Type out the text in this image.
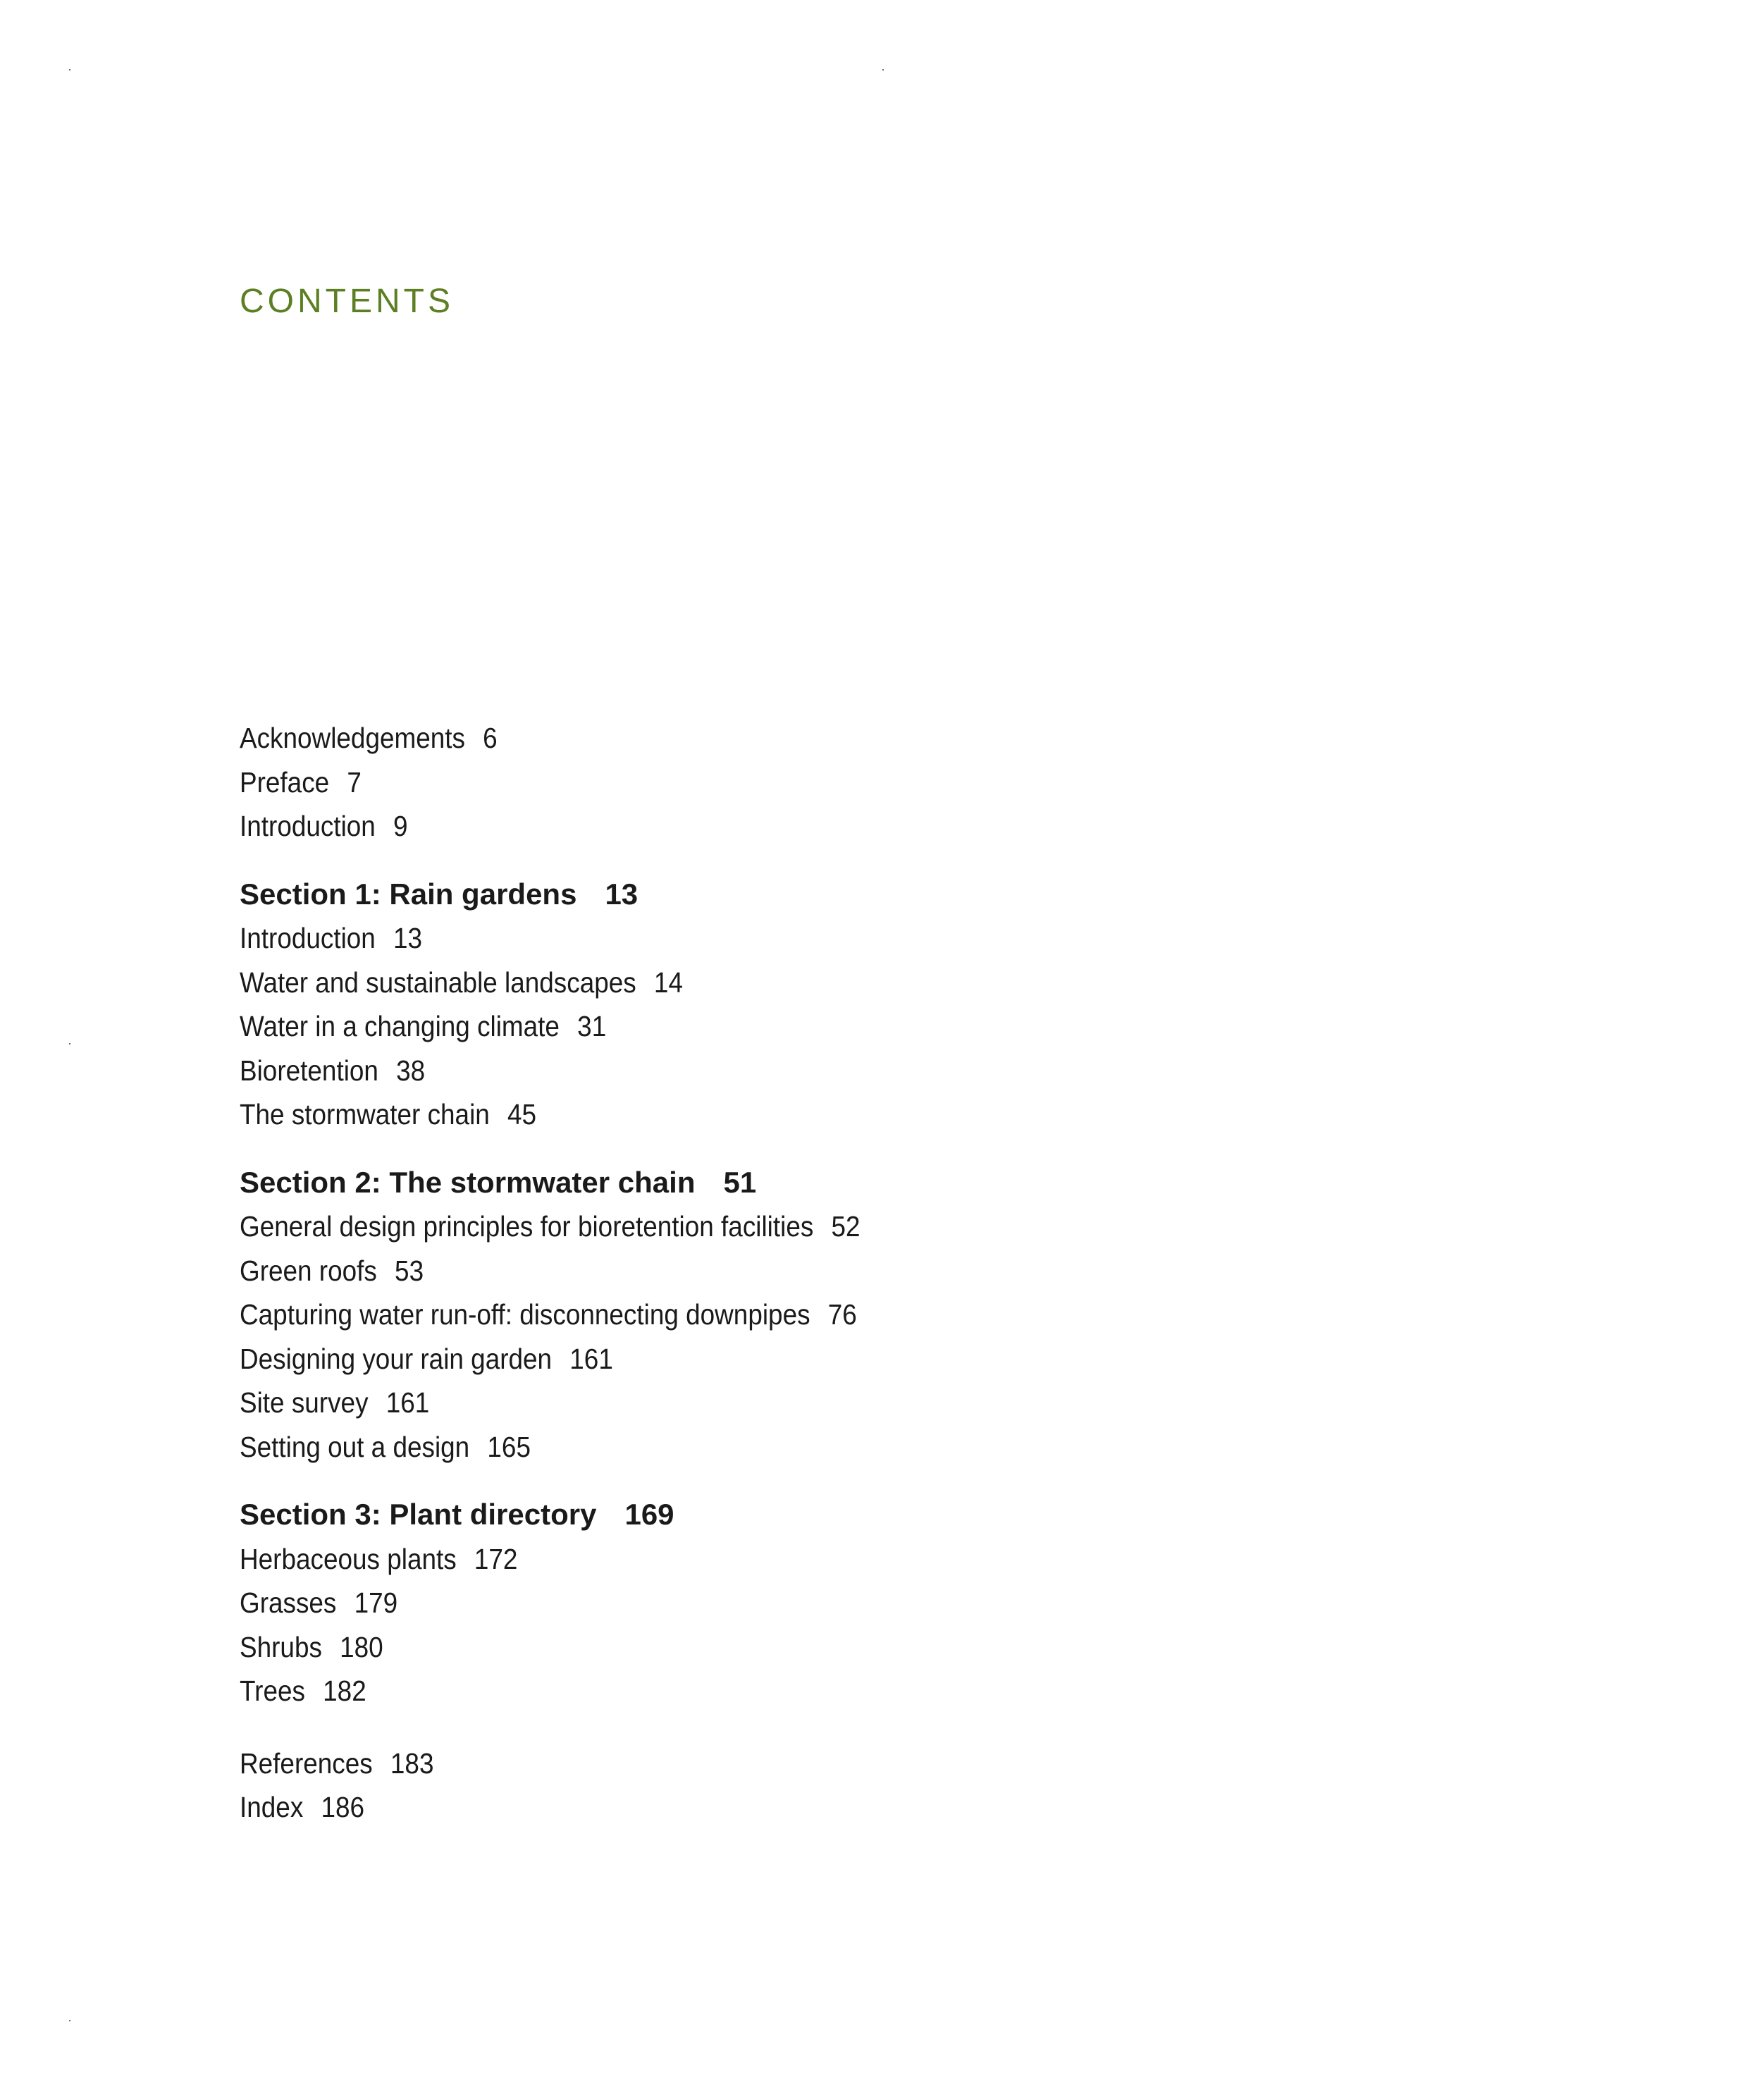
CONTENTS
Acknowledgements 6
Preface 7
Introduction 9
Section 1: Rain gardens 13
Introduction 13
Water and sustainable landscapes 14
Water in a changing climate 31
Bioretention 38
The stormwater chain 45
Section 2: The stormwater chain 51
General design principles for bioretention facilities 52
Green roofs 53
Capturing water run-off: disconnecting downpipes 76
Designing your rain garden 161
Site survey 161
Setting out a design 165
Section 3: Plant directory 169
Herbaceous plants 172
Grasses 179
Shrubs 180
Trees 182
References 183
Index 186
